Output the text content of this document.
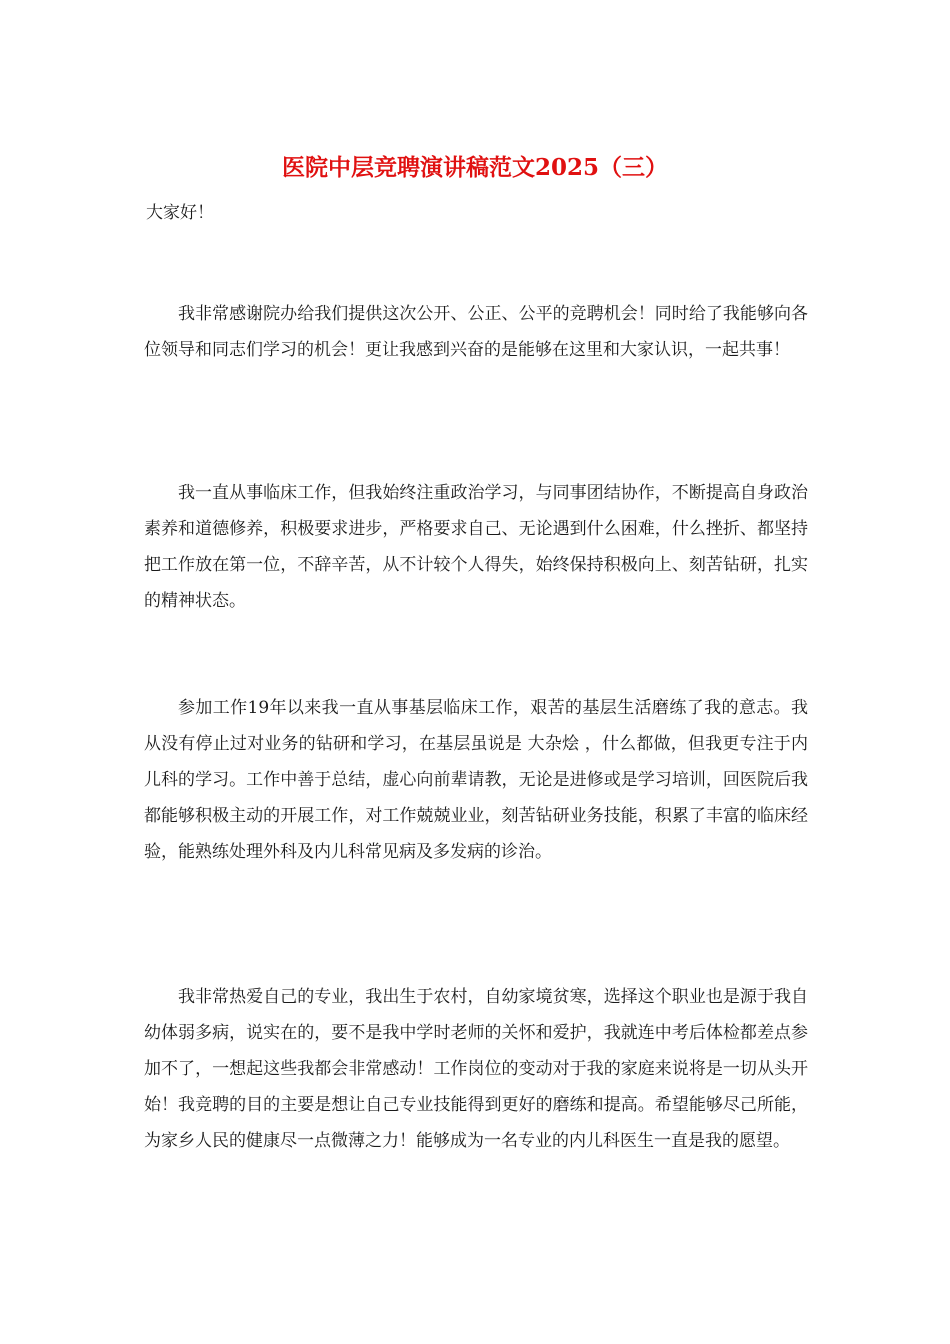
医院中层竞聘演讲稿范文2025（三）
大家好！
我非常感谢院办给我们提供这次公开、公正、公平的竞聘机会！同时给了我能够向各位领导和同志们学习的机会！更让我感到兴奋的是能够在这里和大家认识，一起共事！
我一直从事临床工作，但我始终注重政治学习，与同事团结协作，不断提高自身政治素养和道德修养，积极要求进步，严格要求自己、无论遇到什么困难，什么挫折、都坚持把工作放在第一位，不辞辛苦，从不计较个人得失，始终保持积极向上、刻苦钻研，扎实的精神状态。
参加工作19年以来我一直从事基层临床工作，艰苦的基层生活磨练了我的意志。我从没有停止过对业务的钻研和学习，在基层虽说是 大杂烩 ，什么都做，但我更专注于内儿科的学习。工作中善于总结，虚心向前辈请教，无论是进修或是学习培训，回医院后我都能够积极主动的开展工作，对工作兢兢业业，刻苦钻研业务技能，积累了丰富的临床经验，能熟练处理外科及内儿科常见病及多发病的诊治。
我非常热爱自己的专业，我出生于农村，自幼家境贫寒，选择这个职业也是源于我自幼体弱多病，说实在的，要不是我中学时老师的关怀和爱护，我就连中考后体检都差点参加不了，一想起这些我都会非常感动！工作岗位的变动对于我的家庭来说将是一切从头开始！我竞聘的目的主要是想让自己专业技能得到更好的磨练和提高。希望能够尽己所能，为家乡人民的健康尽一点微薄之力！能够成为一名专业的内儿科医生一直是我的愿望。
